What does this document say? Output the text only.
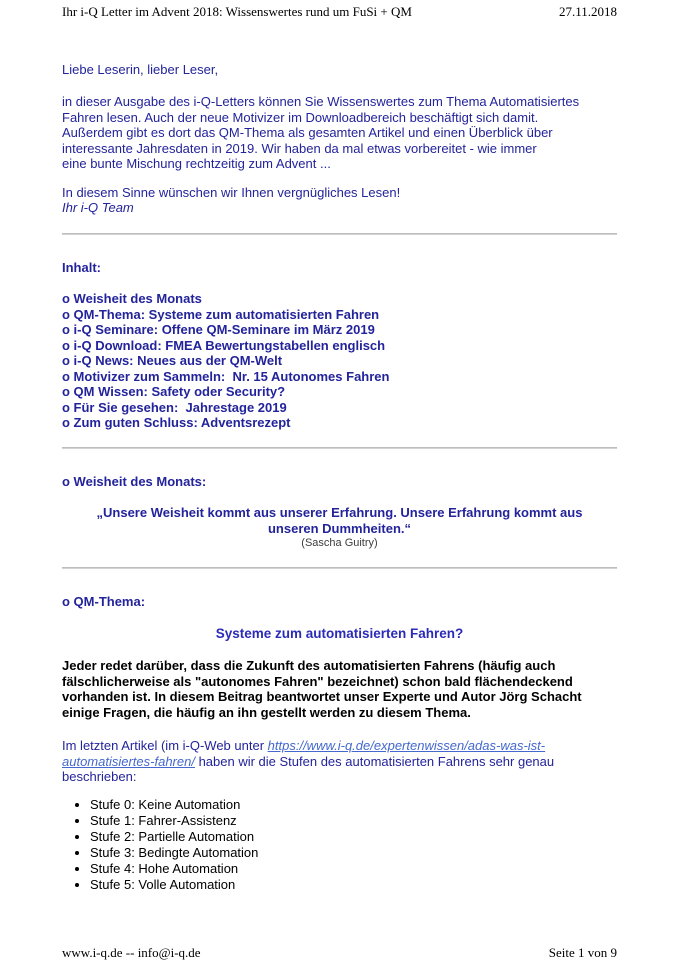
Ihr i-Q Letter im Advent 2018: Wissenswertes rund um FuSi + QM	27.11.2018
Liebe Leserin, lieber Leser,
in dieser Ausgabe des i-Q-Letters können Sie Wissenswertes zum Thema Automatisiertes
Fahren lesen. Auch der neue Motivizer im Downloadbereich beschäftigt sich damit.
Außerdem gibt es dort das QM-Thema als gesamten Artikel und einen Überblick über
interessante Jahresdaten in 2019. Wir haben da mal etwas vorbereitet - wie immer
eine bunte Mischung rechtzeitig zum Advent ...
In diesem Sinne wünschen wir Ihnen vergnügliches Lesen!
Ihr i-Q Team
Inhalt:
o Weisheit des Monats
o QM-Thema: Systeme zum automatisierten Fahren
o i-Q Seminare: Offene QM-Seminare im März 2019
o i-Q Download: FMEA Bewertungstabellen englisch
o i-Q News: Neues aus der QM-Welt
o Motivizer zum Sammeln:  Nr. 15 Autonomes Fahren
o QM Wissen: Safety oder Security?
o Für Sie gesehen:  Jahrestage 2019
o Zum guten Schluss: Adventsrezept
o Weisheit des Monats:
„Unsere Weisheit kommt aus unserer Erfahrung. Unsere Erfahrung kommt aus
unseren Dummheiten.“
(Sascha Guitry)
o QM-Thema:
Systeme zum automatisierten Fahren?
Jeder redet darüber, dass die Zukunft des automatisierten Fahrens (häufig auch
fälschlicherweise als "autonomes Fahren" bezeichnet) schon bald flächendeckend
vorhanden ist. In diesem Beitrag beantwortet unser Experte und Autor Jörg Schacht
einige Fragen, die häufig an ihn gestellt werden zu diesem Thema.
Im letzten Artikel (im i-Q-Web unter https://www.i-q.de/expertenwissen/adas-was-ist-
automatisiertes-fahren/ haben wir die Stufen des automatisierten Fahrens sehr genau
beschrieben:
• Stufe 0: Keine Automation
• Stufe 1: Fahrer-Assistenz
• Stufe 2: Partielle Automation
• Stufe 3: Bedingte Automation
• Stufe 4: Hohe Automation
• Stufe 5: Volle Automation
www.i-q.de -- info@i-q.de	Seite 1 von 9
